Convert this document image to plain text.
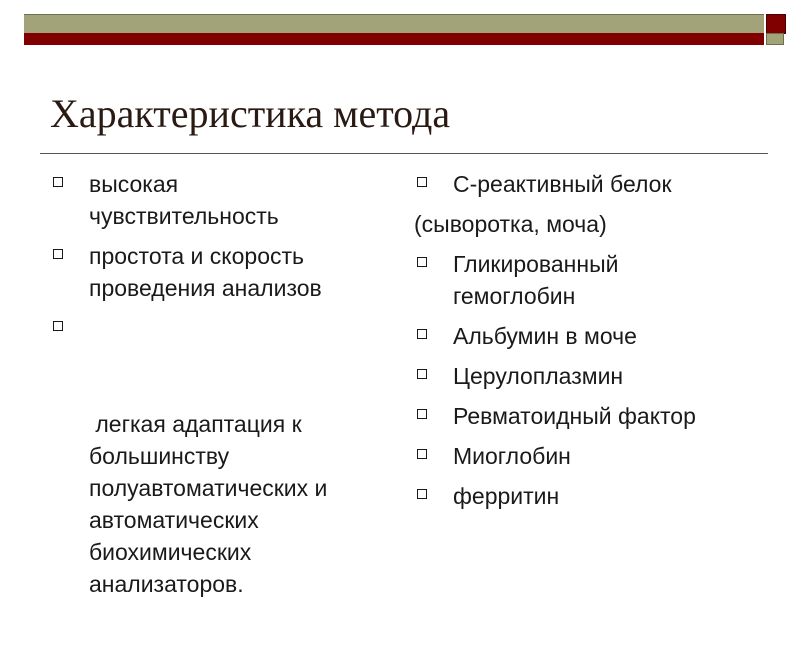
Характеристика метода
высокая чувствительность
простота и скорость проведения анализов

легкая адаптация к большинству полуавтоматических и автоматических биохимических анализаторов.

С-реактивный белок
(сыворотка, моча)
Гликированный гемоглобин
Альбумин в моче
Церулоплазмин
Ревматоидный фактор
Миоглобин
ферритин
